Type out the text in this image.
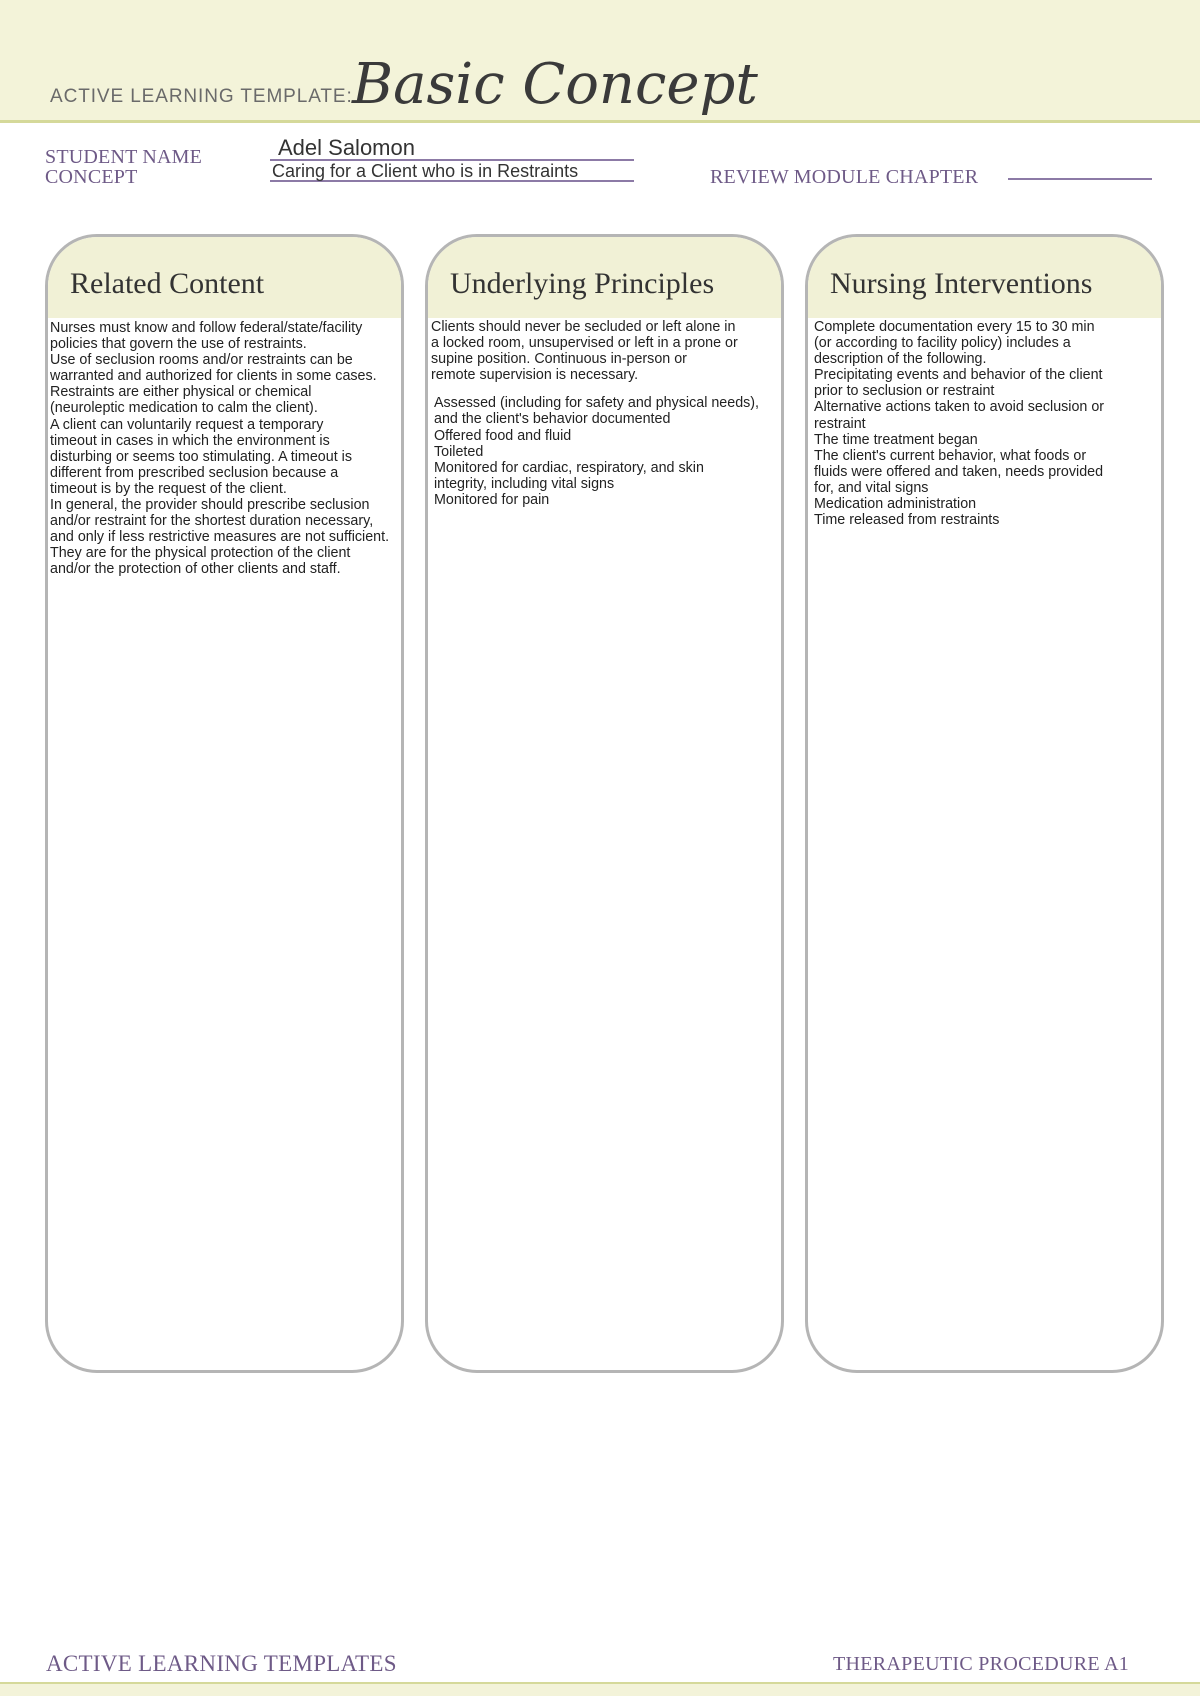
ACTIVE LEARNING TEMPLATE: Basic Concept
STUDENT NAME	Adel Salomon
CONCEPT	Caring for a Client who is in Restraints	REVIEW MODULE CHAPTER
Related Content
Nurses must know and follow federal/state/facility
policies that govern the use of restraints.
Use of seclusion rooms and/or restraints can be
warranted and authorized for clients in some cases.
Restraints are either physical or chemical
(neuroleptic medication to calm the client).
A client can voluntarily request a temporary
timeout in cases in which the environment is
disturbing or seems too stimulating. A timeout is
different from prescribed seclusion because a
timeout is by the request of the client.
In general, the provider should prescribe seclusion
and/or restraint for the shortest duration necessary,
and only if less restrictive measures are not sufficient.
They are for the physical protection of the client
and/or the protection of other clients and staff.
Underlying Principles
Clients should never be secluded or left alone in
a locked room, unsupervised or left in a prone or
supine position. Continuous in-person or
remote supervision is necessary.
Assessed (including for safety and physical needs),
and the client's behavior documented
Offered food and fluid
Toileted
Monitored for cardiac, respiratory, and skin
integrity, including vital signs
Monitored for pain
Nursing Interventions
Complete documentation every 15 to 30 min
(or according to facility policy) includes a
description of the following.
Precipitating events and behavior of the client
prior to seclusion or restraint
Alternative actions taken to avoid seclusion or
restraint
The time treatment began
The client's current behavior, what foods or
fluids were offered and taken, needs provided
for, and vital signs
Medication administration
Time released from restraints
ACTIVE LEARNING TEMPLATES	THERAPEUTIC PROCEDURE A1
